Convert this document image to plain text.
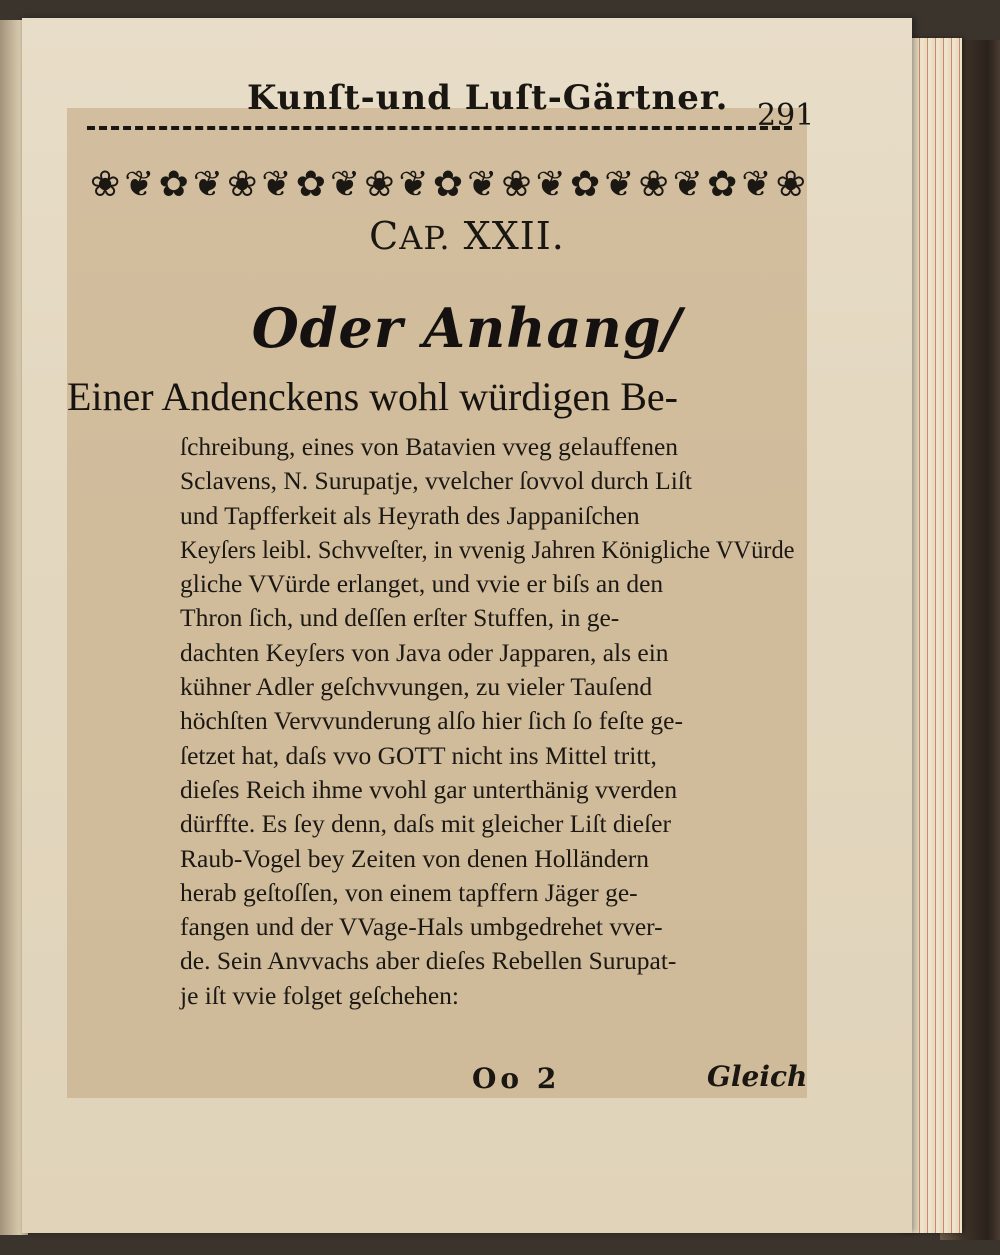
Kunſt-und Luſt-Gärtner. 291
❀ ❦ ✿ ❦ ❀ ❦ ✿ ❦ ❀ ❦ ✿ ❦ ❀ ❦ ✿ ❦ ❀ ❦ ✿ ❦ ❀
CAP. XXII.
Oder Anhang/
Einer Andenckens wohl würdigen Be-
ſchreibung, eines von Batavien vveg gelauffenen
Sclavens, N. Surupatje, vvelcher ſovvol durch Liſt
und Tapfferkeit als Heyrath des Jappaniſchen
Keyſers leibl. Schvveſter, in vvenig Jahren Königliche VVürde
gliche VVürde erlanget, und vvie er biſs an den
Thron ſich, und deſſen erſter Stuffen, in ge-
dachten Keyſers von Java oder Japparen, als ein
kühner Adler geſchvvungen, zu vieler Tauſend
höchſten Vervvunderung alſo hier ſich ſo feſte ge-
ſetzet hat, daſs vvo GOTT nicht ins Mittel tritt,
dieſes Reich ihme vvohl gar unterthänig vverden
dürffte. Es ſey denn, daſs mit gleicher Liſt dieſer
Raub-Vogel bey Zeiten von denen Holländern
herab geſtoſſen, von einem tapffern Jäger ge-
fangen und der VVage-Hals umbgedrehet vver-
de. Sein Anvvachs aber dieſes Rebellen Surupat-
je iſt vvie folget geſchehen:
Oo 2	Gleich
